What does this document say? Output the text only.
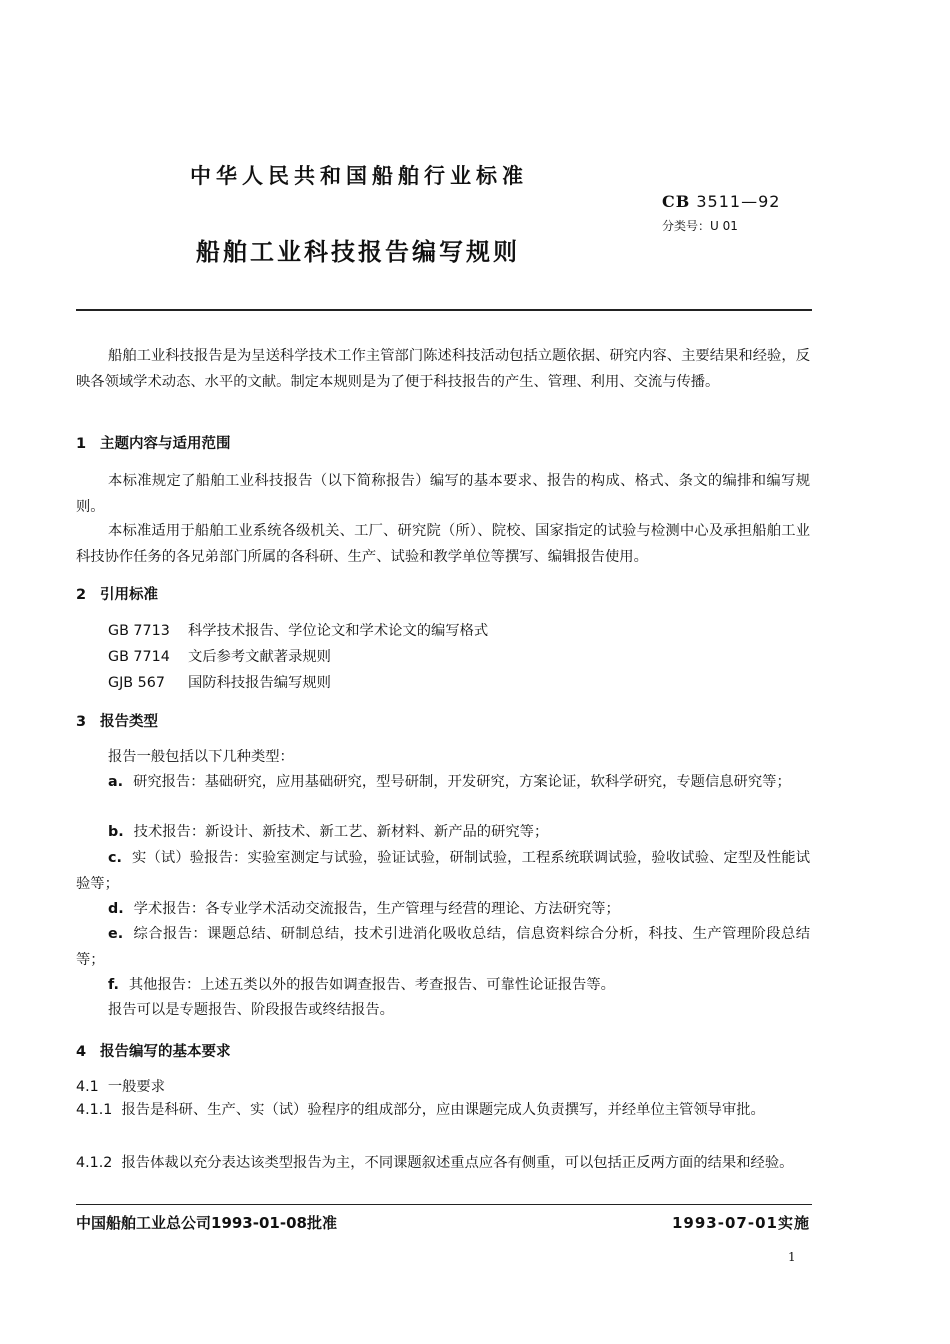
中华人民共和国船舶行业标准
船舶工业科技报告编写规则
CB 3511—92
分类号：U 01
船舶工业科技报告是为呈送科学技术工作主管部门陈述科技活动包括立题依据、研究内容、主要结果和经验，反映各领域学术动态、水平的文献。制定本规则是为了便于科技报告的产生、管理、利用、交流与传播。
1 主题内容与适用范围
本标准规定了船舶工业科技报告（以下简称报告）编写的基本要求、报告的构成、格式、条文的编排和编写规则。
本标准适用于船舶工业系统各级机关、工厂、研究院（所）、院校、国家指定的试验与检测中心及承担船舶工业科技协作任务的各兄弟部门所属的各科研、生产、试验和教学单位等撰写、编辑报告使用。
2 引用标准
GB 7713 科学技术报告、学位论文和学术论文的编写格式
GB 7714 文后参考文献著录规则
GJB 567 国防科技报告编写规则
3 报告类型
报告一般包括以下几种类型：
a. 研究报告：基础研究，应用基础研究，型号研制，开发研究，方案论证，软科学研究，专题信息研究等；
b. 技术报告：新设计、新技术、新工艺、新材料、新产品的研究等；
c. 实（试）验报告：实验室测定与试验，验证试验，研制试验，工程系统联调试验，验收试验、定型及性能试验等；
d. 学术报告：各专业学术活动交流报告，生产管理与经营的理论、方法研究等；
e. 综合报告：课题总结、研制总结，技术引进消化吸收总结，信息资料综合分析，科技、生产管理阶段总结等；
f. 其他报告：上述五类以外的报告如调查报告、考查报告、可靠性论证报告等。
报告可以是专题报告、阶段报告或终结报告。
4 报告编写的基本要求
4.1 一般要求
4.1.1 报告是科研、生产、实（试）验程序的组成部分，应由课题完成人负责撰写，并经单位主管领导审批。
4.1.2 报告体裁以充分表达该类型报告为主，不同课题叙述重点应各有侧重，可以包括正反两方面的结果和经验。
中国船舶工业总公司1993-01-08批准	1993-07-01实施
1
